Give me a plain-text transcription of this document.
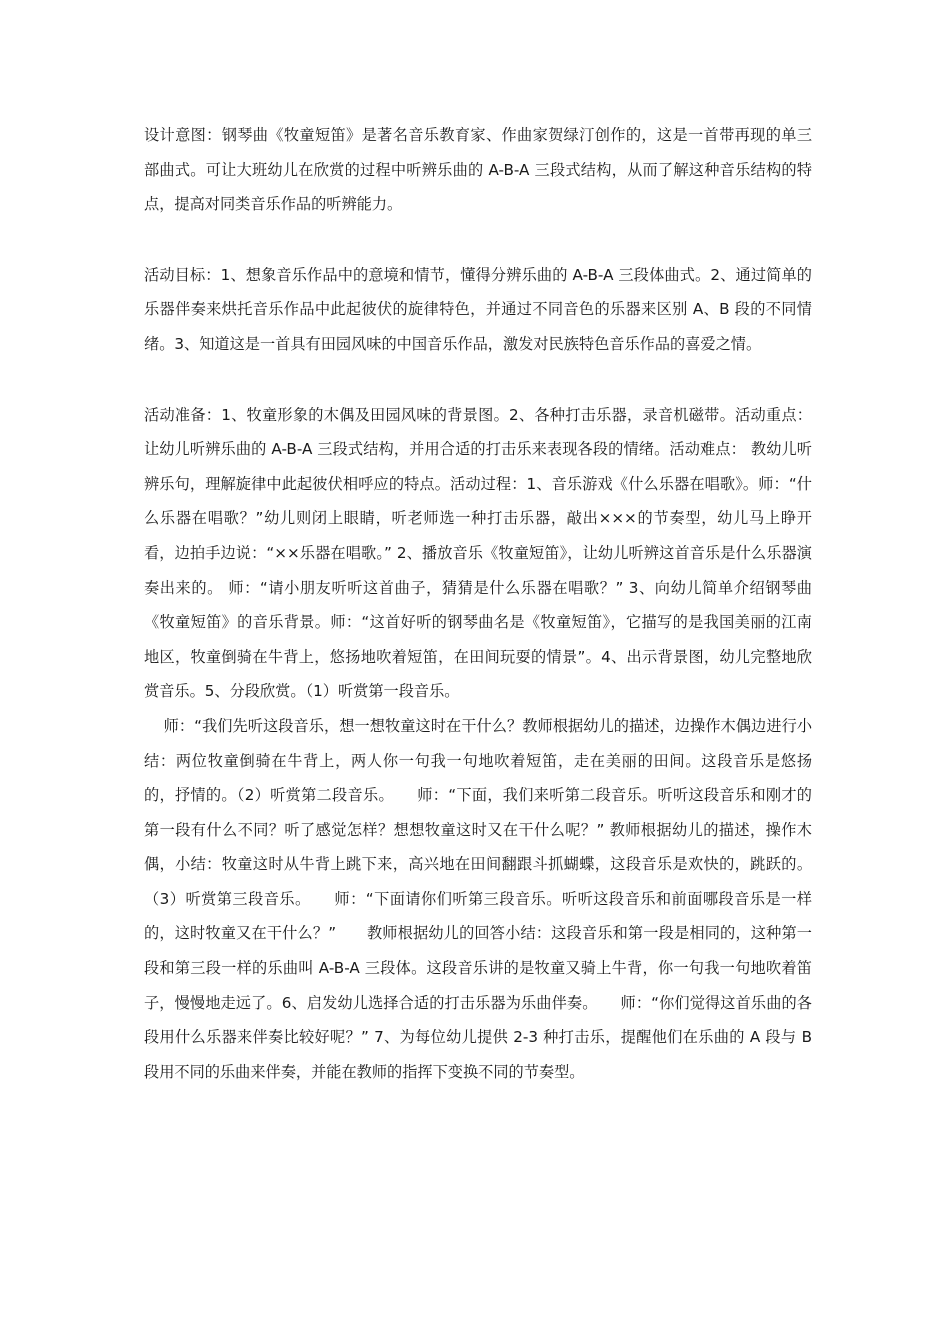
设计意图：钢琴曲《牧童短笛》是著名音乐教育家、作曲家贺绿汀创作的，这是一首带再现的单三部曲式。可让大班幼儿在欣赏的过程中听辨乐曲的 A-B-A 三段式结构，从而了解这种音乐结构的特点，提高对同类音乐作品的听辨能力。

活动目标：1、想象音乐作品中的意境和情节，懂得分辨乐曲的 A-B-A 三段体曲式。2、通过简单的乐器伴奏来烘托音乐作品中此起彼伏的旋律特色，并通过不同音色的乐器来区别 A、B 段的不同情绪。3、知道这是一首具有田园风味的中国音乐作品，激发对民族特色音乐作品的喜爱之情。

活动准备：1、牧童形象的木偶及田园风味的背景图。2、各种打击乐器，录音机磁带。活动重点：让幼儿听辨乐曲的 A-B-A 三段式结构，并用合适的打击乐来表现各段的情绪。活动难点： 教幼儿听辨乐句，理解旋律中此起彼伏相呼应的特点。活动过程：1、音乐游戏《什么乐器在唱歌》。师：“什么乐器在唱歌？”幼儿则闭上眼睛，听老师选一种打击乐器，敲出×××的节奏型，幼儿马上睁开看，边拍手边说：“××乐器在唱歌。” 2、播放音乐《牧童短笛》，让幼儿听辨这首音乐是什么乐器演奏出来的。 师：“请小朋友听听这首曲子，猜猜是什么乐器在唱歌？” 3、向幼儿简单介绍钢琴曲《牧童短笛》的音乐背景。师：“这首好听的钢琴曲名是《牧童短笛》，它描写的是我国美丽的江南地区，牧童倒骑在牛背上，悠扬地吹着短笛，在田间玩耍的情景”。4、出示背景图，幼儿完整地欣赏音乐。5、分段欣赏。（1）听赏第一段音乐。

师：“我们先听这段音乐，想一想牧童这时在干什么？教师根据幼儿的描述，边操作木偶边进行小结：两位牧童倒骑在牛背上，两人你一句我一句地吹着短笛，走在美丽的田间。这段音乐是悠扬的，抒情的。（2）听赏第二段音乐。　　师：“下面，我们来听第二段音乐。听听这段音乐和刚才的第一段有什么不同？听了感觉怎样？想想牧童这时又在干什么呢？” 教师根据幼儿的描述，操作木偶，小结：牧童这时从牛背上跳下来，高兴地在田间翻跟斗抓蝴蝶，这段音乐是欢快的，跳跃的。（3）听赏第三段音乐。　　师：“下面请你们听第三段音乐。听听这段音乐和前面哪段音乐是一样的，这时牧童又在干什么？”　　教师根据幼儿的回答小结：这段音乐和第一段是相同的，这种第一段和第三段一样的乐曲叫 A-B-A 三段体。这段音乐讲的是牧童又骑上牛背，你一句我一句地吹着笛子，慢慢地走远了。6、启发幼儿选择合适的打击乐器为乐曲伴奏。　　师：“你们觉得这首乐曲的各段用什么乐器来伴奏比较好呢？” 7、为每位幼儿提供 2-3 种打击乐，提醒他们在乐曲的 A 段与 B 段用不同的乐曲来伴奏，并能在教师的指挥下变换不同的节奏型。
